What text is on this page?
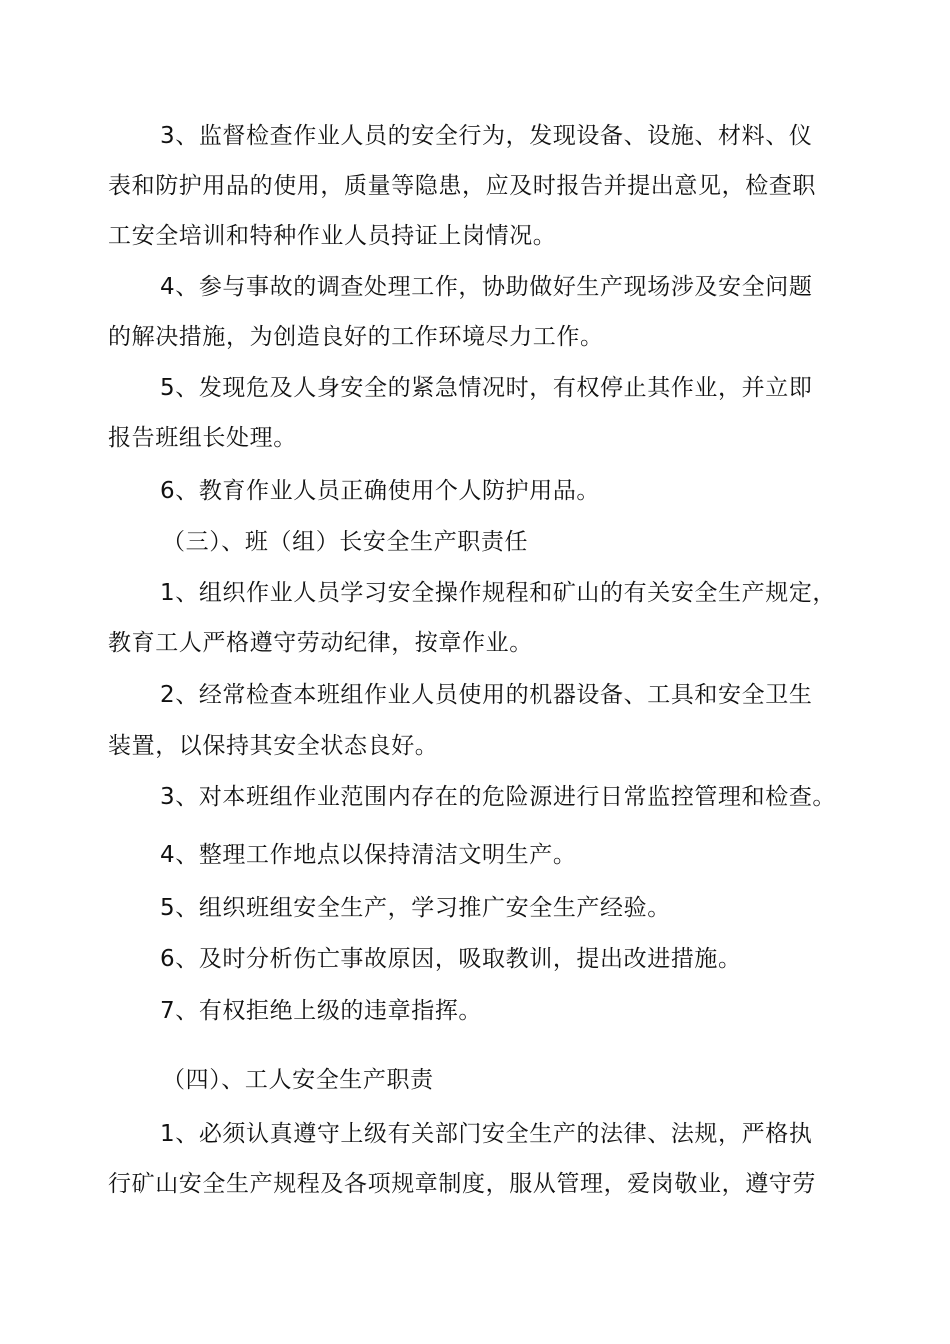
3、监督检查作业人员的安全行为，发现设备、设施、材料、仪
表和防护用品的使用，质量等隐患，应及时报告并提出意见，检查职
工安全培训和特种作业人员持证上岗情况。
4、参与事故的调查处理工作，协助做好生产现场涉及安全问题
的解决措施，为创造良好的工作环境尽力工作。
5、发现危及人身安全的紧急情况时，有权停止其作业，并立即
报告班组长处理。
6、教育作业人员正确使用个人防护用品。
（三）、班（组）长安全生产职责任
1、组织作业人员学习安全操作规程和矿山的有关安全生产规定，
教育工人严格遵守劳动纪律，按章作业。
2、经常检查本班组作业人员使用的机器设备、工具和安全卫生
装置，以保持其安全状态良好。
3、对本班组作业范围内存在的危险源进行日常监控管理和检查。
4、整理工作地点以保持清洁文明生产。
5、组织班组安全生产，学习推广安全生产经验。
6、及时分析伤亡事故原因，吸取教训，提出改进措施。
7、有权拒绝上级的违章指挥。
（四）、工人安全生产职责
1、必须认真遵守上级有关部门安全生产的法律、法规，严格执
行矿山安全生产规程及各项规章制度，服从管理，爱岗敬业，遵守劳
